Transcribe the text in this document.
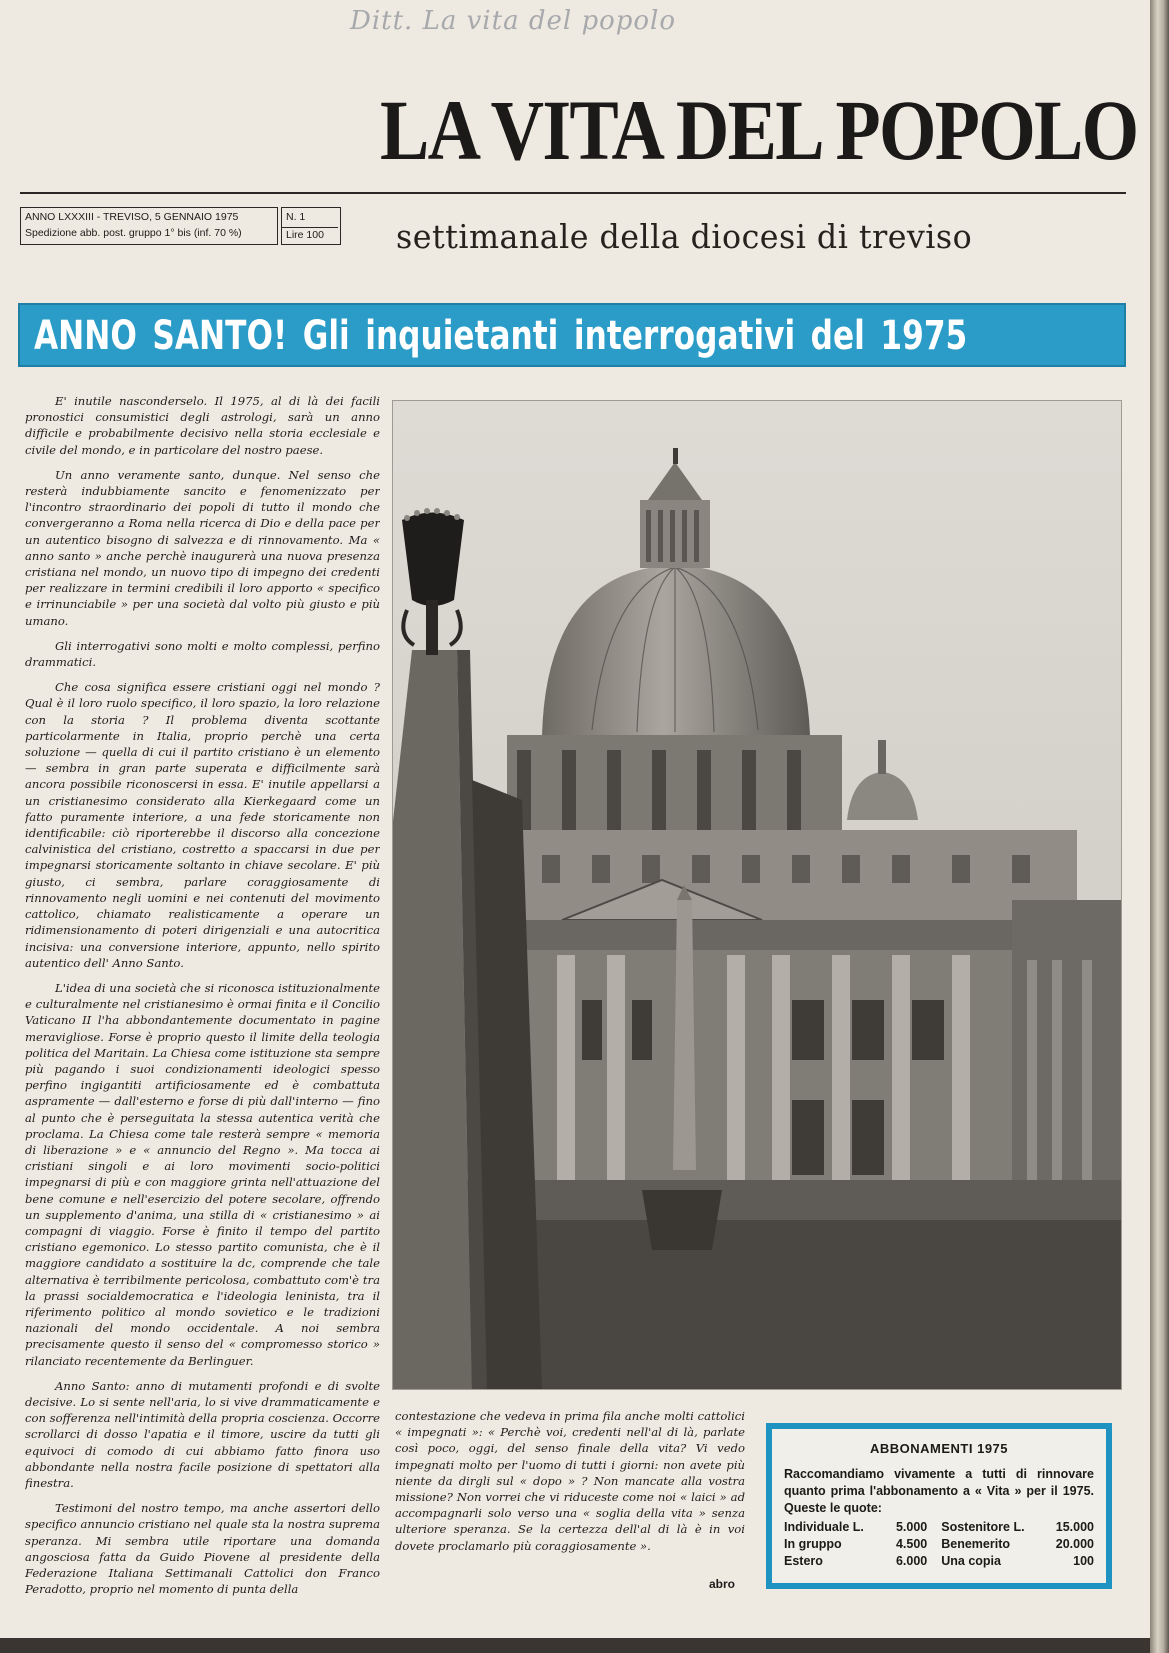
Ditt. La vita del popolo
LA VITA DEL POPOLO
ANNO LXXXIII - TREVISO, 5 GENNAIO 1975
Spedizione abb. post. gruppo 1° bis (inf. 70 %)
N. 1
Lire 100	settimanale della diocesi di treviso
ANNO SANTO! Gli inquietanti interrogativi del 1975

E' inutile nasconderselo. Il 1975, al di là dei facili pronostici consumistici degli astrologi, sarà un anno difficile e probabilmente decisivo nella storia ecclesiale e civile del mondo, e in particolare del nostro paese.

Un anno veramente santo, dunque. Nel senso che resterà indubbiamente sancito e fenomenizzato per l'incontro straordinario dei popoli di tutto il mondo che convergeranno a Roma nella ricerca di Dio e della pace per un autentico bisogno di salvezza e di rinnovamento. Ma « anno santo » anche perchè inaugurerà una nuova presenza cristiana nel mondo, un nuovo tipo di impegno dei credenti per realizzare in termini credibili il loro apporto « specifico e irrinunciabile » per una società dal volto più giusto e più umano.

Gli interrogativi sono molti e molto complessi, perfino drammatici.

Che cosa significa essere cristiani oggi nel mondo ? Qual è il loro ruolo specifico, il loro spazio, la loro relazione con la storia ? Il problema diventa scottante particolarmente in Italia, proprio perchè una certa soluzione — quella di cui il partito cristiano è un elemento — sembra in gran parte superata e difficilmente sarà ancora possibile riconoscersi in essa. E' inutile appellarsi a un cristianesimo considerato alla Kierkegaard come un fatto puramente interiore, a una fede storicamente non identificabile: ciò riporterebbe il discorso alla concezione calvinistica del cristiano, costretto a spaccarsi in due per impegnarsi storicamente soltanto in chiave secolare. E' più giusto, ci sembra, parlare coraggiosamente di rinnovamento negli uomini e nei contenuti del movimento cattolico, chiamato realisticamente a operare un ridimensionamento di poteri dirigenziali e una autocritica incisiva: una conversione interiore, appunto, nello spirito autentico dell' Anno Santo.

L'idea di una società che si riconosca istituzionalmente e culturalmente nel cristianesimo è ormai finita e il Concilio Vaticano II l'ha abbondantemente documentato in pagine meravigliose. Forse è proprio questo il limite della teologia politica del Maritain. La Chiesa come istituzione sta sempre più pagando i suoi condizionamenti ideologici spesso perfino ingigantiti artificiosamente ed è combattuta aspramente — dall'esterno e forse di più dall'interno — fino al punto che è perseguitata la stessa autentica verità che proclama. La Chiesa come tale resterà sempre « memoria di liberazione » e « annuncio del Regno ». Ma tocca ai cristiani singoli e ai loro movimenti socio-politici impegnarsi di più e con maggiore grinta nell'attuazione del bene comune e nell'esercizio del potere secolare, offrendo un supplemento d'anima, una stilla di « cristianesimo » ai compagni di viaggio. Forse è finito il tempo del partito cristiano egemonico. Lo stesso partito comunista, che è il maggiore candidato a sostituire la dc, comprende che tale alternativa è terribilmente pericolosa, combattuto com'è tra la prassi socialdemocratica e l'ideologia leninista, tra il riferimento politico al mondo sovietico e le tradizioni nazionali del mondo occidentale. A noi sembra precisamente questo il senso del « compromesso storico » rilanciato recentemente da Berlinguer.

Anno Santo: anno di mutamenti profondi e di svolte decisive. Lo si sente nell'aria, lo si vive drammaticamente e con sofferenza nell'intimità della propria coscienza. Occorre scrollarci di dosso l'apatia e il timore, uscire da tutti gli equivoci di comodo di cui abbiamo fatto finora uso abbondante nella nostra facile posizione di spettatori alla finestra.

Testimoni del nostro tempo, ma anche assertori dello specifico annuncio cristiano nel quale sta la nostra suprema speranza. Mi sembra utile riportare una domanda angosciosa fatta da Guido Piovene al presidente della Federazione Italiana Settimanali Cattolici don Franco Peradotto, proprio nel momento di punta della

contestazione che vedeva in prima fila anche molti cattolici « impegnati »: « Perchè voi, credenti nell'al di là, parlate così poco, oggi, del senso finale della vita? Vi vedo impegnati molto per l'uomo di tutti i giorni: non avete più niente da dirgli sul « dopo » ? Non mancate alla vostra missione? Non vorrei che vi riduceste come noi « laici » ad accompagnarli solo verso una « soglia della vita » senza ulteriore speranza. Se la certezza dell'al di là è in voi dovete proclamarlo più coraggiosamente ».

abro
ABBONAMENTI 1975
Raccomandiamo vivamente a tutti di rinnovare quanto prima l'abbonamento a « Vita » per il 1975. Queste le quote:
Individuale L.	5.000	Sostenitore L.	15.000
In gruppo	4.500	Benemerito	20.000
Estero	6.000	Una copia	100
